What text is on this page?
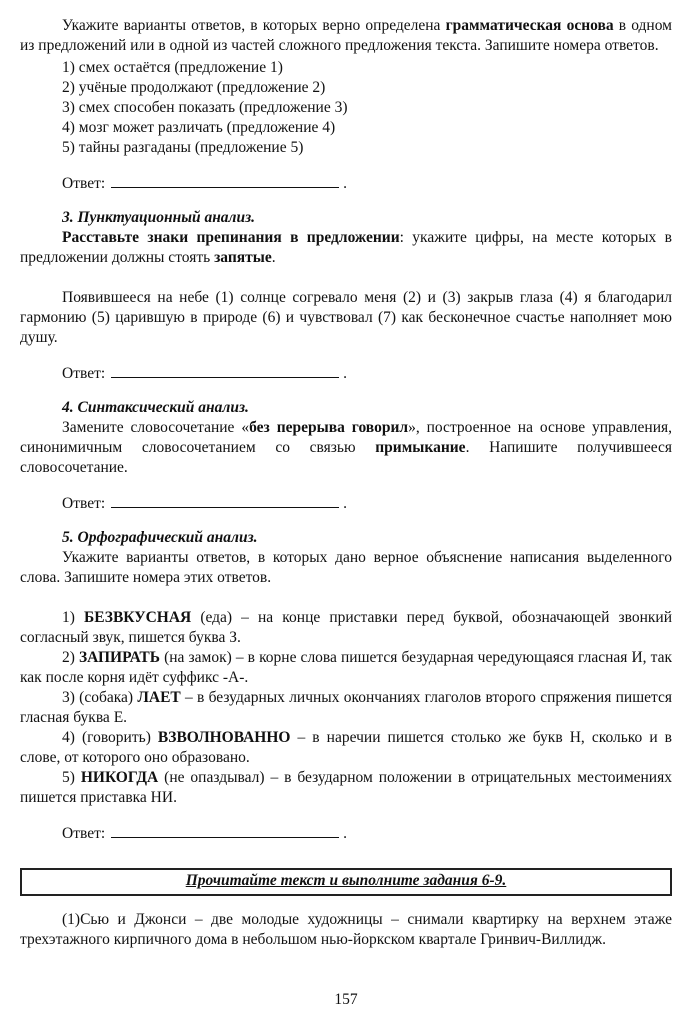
Укажите варианты ответов, в которых верно определена грамматическая основа в одном из предложений или в одной из частей сложного предложения текста. Запишите номера ответов.

1) смех остаётся (предложение 1)

2) учёные продолжают (предложение 2)

3) смех способен показать (предложение 3)

4) мозг может различать (предложение 4)

5) тайны разгаданы (предложение 5)

Ответ:	.

3. Пунктуационный анализ.

Расставьте знаки препинания в предложении: укажите цифры, на месте которых в предложении должны стоять запятые.

Появившееся на небе (1) солнце согревало меня (2) и (3) закрыв глаза (4) я благодарил гармонию (5) царившую в природе (6) и чувствовал (7) как бесконечное счастье наполняет мою душу.

Ответ:	.

4. Синтаксический анализ.

Замените словосочетание «без перерыва говорил», построенное на основе управления, синонимичным словосочетанием со связью примыкание. Напишите получившееся словосочетание.

Ответ:	.

5. Орфографический анализ.

Укажите варианты ответов, в которых дано верное объяснение написания выделенного слова. Запишите номера этих ответов.

1) БЕЗВКУСНАЯ (еда) – на конце приставки перед буквой, обозначающей звонкий согласный звук, пишется буква З.

2) ЗАПИРАТЬ (на замок) – в корне слова пишется безударная чередующаяся гласная И, так как после корня идёт суффикс -А-.

3) (собака) ЛАЕТ – в безударных личных окончаниях глаголов второго спряжения пишется гласная буква Е.

4) (говорить) ВЗВОЛНОВАННО – в наречии пишется столько же букв Н, сколько и в слове, от которого оно образовано.

5) НИКОГДА (не опаздывал) – в безударном положении в отрицательных местоимениях пишется приставка НИ.

Ответ:	.

Прочитайте текст и выполните задания 6-9.

(1)Сью и Джонси – две молодые художницы – снимали квартирку на верхнем этаже трехэтажного кирпичного дома в небольшом нью-йоркском квартале Гринвич-Виллидж.

157
